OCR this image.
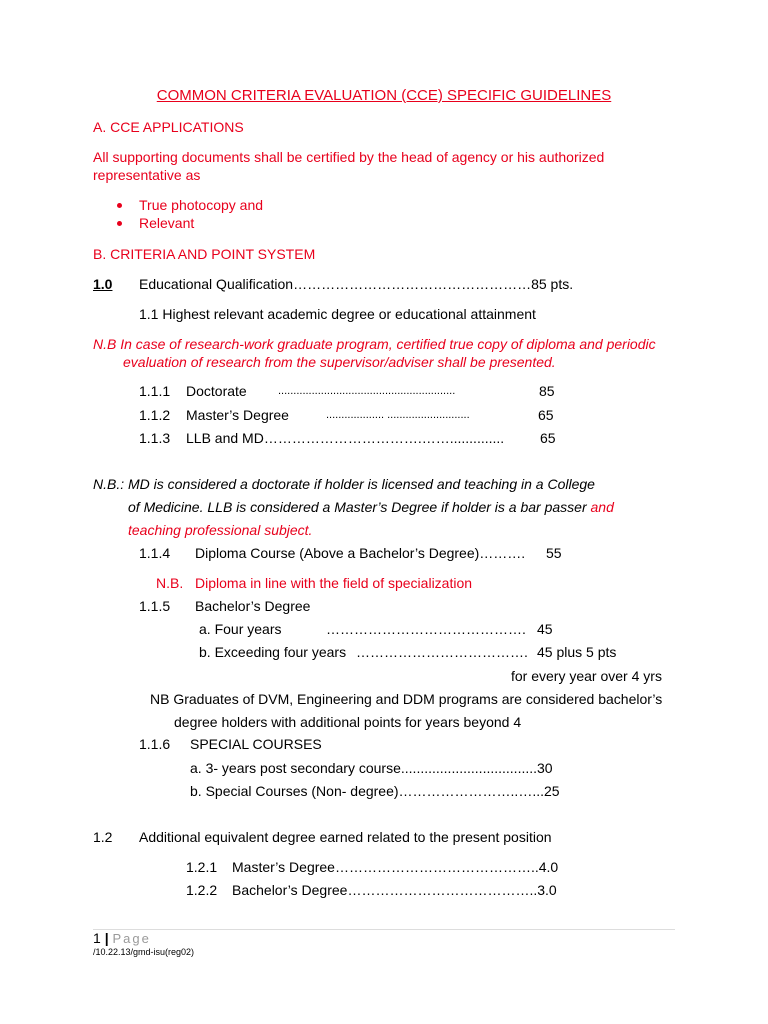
COMMON CRITERIA EVALUATION (CCE) SPECIFIC GUIDELINES
A. CCE APPLICATIONS
All supporting documents shall be certified by the head of agency or his authorized
representative as
True photocopy and
Relevant
B. CRITERIA AND POINT SYSTEM
1.0 Educational Qualification……………………………………………85 pts.
1.1 Highest relevant academic degree or educational attainment
N.B In case of research-work graduate program, certified true copy of diploma and periodic
evaluation of research from the supervisor/adviser shall be presented.
1.1.1 Doctorate	..........................................................	85
1.1.2 Master’s Degree	................... ...........................	65
1.1.3 LLB and MD…………………………….……..............	65
N.B.: MD is considered a doctorate if holder is licensed and teaching in a College
of Medicine. LLB is considered a Master’s Degree if holder is a bar passer and
teaching professional subject.
1.1.4 Diploma Course (Above a Bachelor’s Degree)………. 55
N.B. Diploma in line with the field of specialization
1.1.5 Bachelor’s Degree
a. Four years	……………………………………. 45
b. Exceeding four years ………………………………. 45 plus 5 pts
for every year over 4 yrs
NB Graduates of DVM, Engineering and DDM programs are considered bachelor’s
degree holders with additional points for years beyond 4
1.1.6 SPECIAL COURSES
a. 3- years post secondary course...................................30
b. Special Courses (Non- degree)……………………..…...25
1.2 Additional equivalent degree earned related to the present position
1.2.1 Master’s Degree……………………………………..4.0
1.2.2 Bachelor’s Degree…………………………………..3.0
1 | Page
/10.22.13/gmd-isu(reg02)
